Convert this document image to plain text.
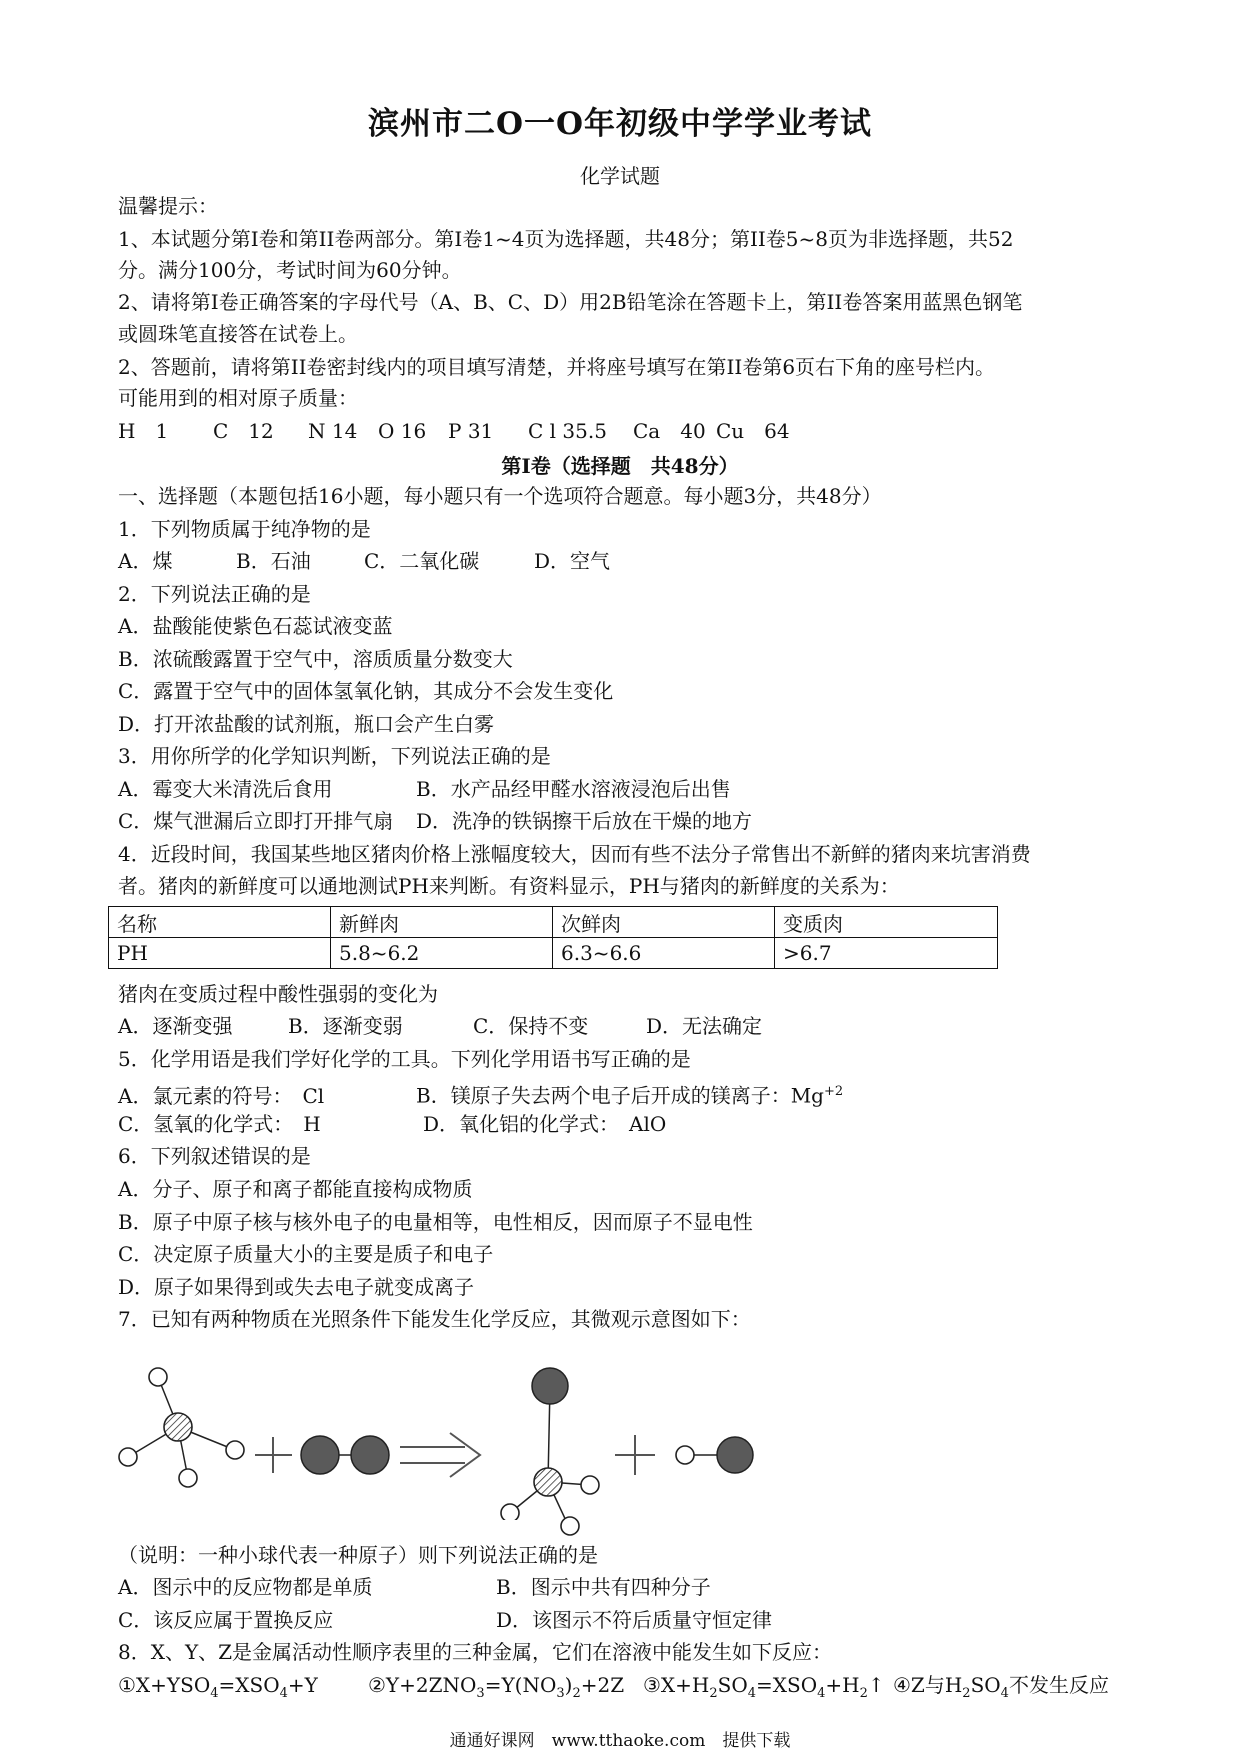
滨州市二O一O年初级中学学业考试
化学试题
温馨提示：
1、本试题分第I卷和第II卷两部分。第I卷1~4页为选择题，共48分；第II卷5~8页为非选择题，共52
分。满分100分，考试时间为60分钟。
2、请将第I卷正确答案的字母代号（A、B、C、D）用2B铅笔涂在答题卡上，第II卷答案用蓝黑色钢笔
或圆珠笔直接答在试卷上。
2、答题前，请将第II卷密封线内的项目填写清楚，并将座号填写在第II卷第6页右下角的座号栏内。
可能用到的相对原子质量：
H　1 C　12 N 14 O 16 P 31 C l 35.5 Ca　40 Cu　64
第I卷（选择题　共48分）
一、选择题（本题包括16小题，每小题只有一个选项符合题意。每小题3分，共48分）
1．下列物质属于纯净物的是
A．煤	B．石油	C．二氧化碳	D．空气
2．下列说法正确的是
A．盐酸能使紫色石蕊试液变蓝
B．浓硫酸露置于空气中，溶质质量分数变大
C．露置于空气中的固体氢氧化钠，其成分不会发生变化
D．打开浓盐酸的试剂瓶，瓶口会产生白雾
3．用你所学的化学知识判断，下列说法正确的是
A．霉变大米清洗后食用	B．水产品经甲醛水溶液浸泡后出售
C．煤气泄漏后立即打开排气扇 D．洗净的铁锅擦干后放在干燥的地方
4．近段时间，我国某些地区猪肉价格上涨幅度较大，因而有些不法分子常售出不新鲜的猪肉来坑害消费
者。猪肉的新鲜度可以通地测试PH来判断。有资料显示，PH与猪肉的新鲜度的关系为：
名称	新鲜肉	次鲜肉	变质肉
PH	5.8~6.2	6.3~6.6	>6.7
猪肉在变质过程中酸性强弱的变化为
A．逐渐变强	B．逐渐变弱	C．保持不变	D．无法确定
5．化学用语是我们学好化学的工具。下列化学用语书写正确的是
A．氯元素的符号：　Cl	B．镁原子失去两个电子后开成的镁离子：$Mg^{+2}$
C．氢氧的化学式：　H	D．氧化铝的化学式：　AlO
6．下列叙述错误的是
A．分子、原子和离子都能直接构成物质
B．原子中原子核与核外电子的电量相等，电性相反，因而原子不显电性
C．决定原子质量大小的主要是质子和电子
D．原子如果得到或失去电子就变成离子
7．已知有两种物质在光照条件下能发生化学反应，其微观示意图如下：
（说明：一种小球代表一种原子）则下列说法正确的是
A．图示中的反应物都是单质	B．图示中共有四种分子
C．该反应属于置换反应	D．该图示不符后质量守恒定律
8．X、Y、Z是金属活动性顺序表里的三种金属，它们在溶液中能发生如下反应：
$①X+YSO_4=XSO_4+Y$	$②Y+2ZNO_3=Y(NO_3)_2+2Z$ $③X+H_2SO_4=XSO_4+H_2↑$ ④Z与$H_2SO_4$不发生反应
通通好课网　www.tthaoke.com　提供下载
